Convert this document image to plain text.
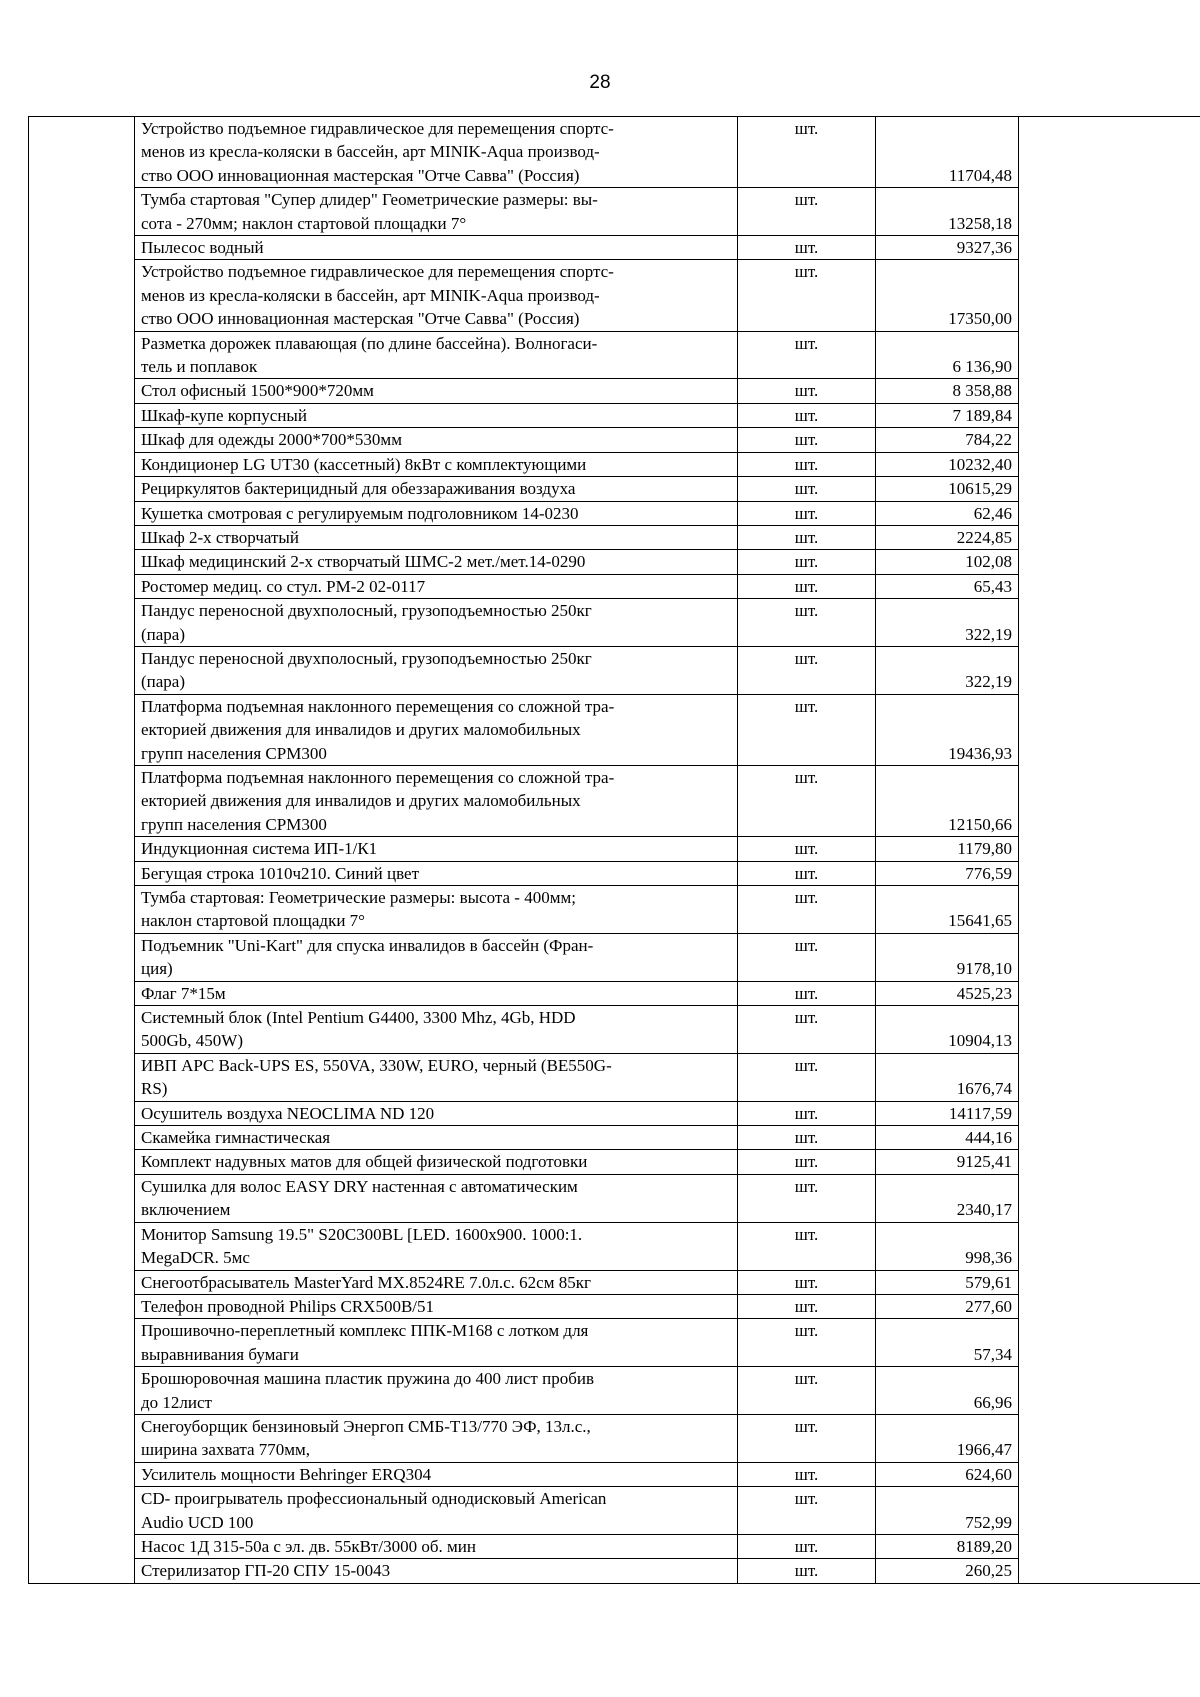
28
	Устройство подъемное гидравлическое для перемещения спортс-
менов из кресла-коляски в бассейн, арт MINIK-Aqua производ-
ство ООО инновационная мастерская "Отче Савва" (Россия)	шт.	11704,48	
	Тумба стартовая "Супер длидер" Геометрические размеры: вы-
сота - 270мм; наклон стартовой площадки 7°	шт.	13258,18	
	Пылесос водный	шт.	9327,36	
	Устройство подъемное гидравлическое для перемещения спортс-
менов из кресла-коляски в бассейн, арт MINIK-Aqua производ-
ство ООО инновационная мастерская "Отче Савва" (Россия)	шт.	17350,00	
	Разметка дорожек плавающая (по длине бассейна). Волногаси-
тель и поплавок	шт.	6 136,90	
	Стол офисный 1500*900*720мм	шт.	8 358,88	
	Шкаф-купе корпусный	шт.	7 189,84	
	Шкаф для одежды 2000*700*530мм	шт.	784,22	
	Кондиционер LG UT30 (кассетный) 8кВт с комплектующими	шт.	10232,40	
	Рециркулятов бактерицидный для обеззараживания воздуха	шт.	10615,29	
	Кушетка смотровая с регулируемым подголовником 14-0230	шт.	62,46	
	Шкаф 2-х створчатый	шт.	2224,85	
	Шкаф медицинский 2-х створчатый ШМС-2 мет./мет.14-0290	шт.	102,08	
	Ростомер медиц. со стул. РМ-2 02-0117	шт.	65,43	
	Пандус переносной двухполосный, грузоподъемностью 250кг
(пара)	шт.	322,19	
	Пандус переносной двухполосный, грузоподъемностью 250кг
(пара)	шт.	322,19	
	Платформа подъемная наклонного перемещения со сложной тра-
екторией движения для инвалидов и других маломобильных
групп населения СРМ300	шт.	19436,93	
	Платформа подъемная наклонного перемещения со сложной тра-
екторией движения для инвалидов и других маломобильных
групп населения СРМ300	шт.	12150,66	
	Индукционная система ИП-1/К1	шт.	1179,80	
	Бегущая строка 1010ч210. Синий цвет	шт.	776,59	
	Тумба стартовая: Геометрические размеры: высота - 400мм;
наклон стартовой площадки 7°	шт.	15641,65	
	Подъемник "Uni-Kart" для спуска инвалидов в бассейн (Фран-
ция)	шт.	9178,10	
	Флаг 7*15м	шт.	4525,23	
	Системный блок (Intel Pentium G4400, 3300 Mhz, 4Gb, HDD
500Gb, 450W)	шт.	10904,13	
	ИВП APC Back-UPS ES, 550VA, 330W, EURO, черный (BE550G-
RS)	шт.	1676,74	
	Осушитель воздуха NEOCLIMA ND 120	шт.	14117,59	
	Скамейка гимнастическая	шт.	444,16	
	Комплект надувных матов для общей физической подготовки	шт.	9125,41	
	Сушилка для волос EASY DRY настенная с автоматическим
включением	шт.	2340,17	
	Монитор Samsung 19.5" S20C300BL [LED. 1600x900. 1000:1.
MegaDCR. 5мс	шт.	998,36	
	Снегоотбрасыватель MasterYard MX.8524RE 7.0л.с. 62см 85кг	шт.	579,61	
	Телефон проводной Philips CRX500B/51	шт.	277,60	
	Прошивочно-переплетный комплекс ППК-М168 с лотком для
выравнивания бумаги	шт.	57,34	
	Брошюровочная машина пластик пружина до 400 лист пробив
до 12лист	шт.	66,96	
	Снегоуборщик бензиновый Энергоп СМБ-Т13/770 ЭФ, 13л.с.,
ширина захвата 770мм,	шт.	1966,47	
	Усилитель мощности Behringer ERQ304	шт.	624,60	
	CD- проигрыватель профессиональный однодисковый American
Audio UCD 100	шт.	752,99	
	Насос 1Д 315-50а с эл. дв. 55кВт/3000 об. мин	шт.	8189,20	
	Стерилизатор ГП-20 СПУ 15-0043	шт.	260,25	
